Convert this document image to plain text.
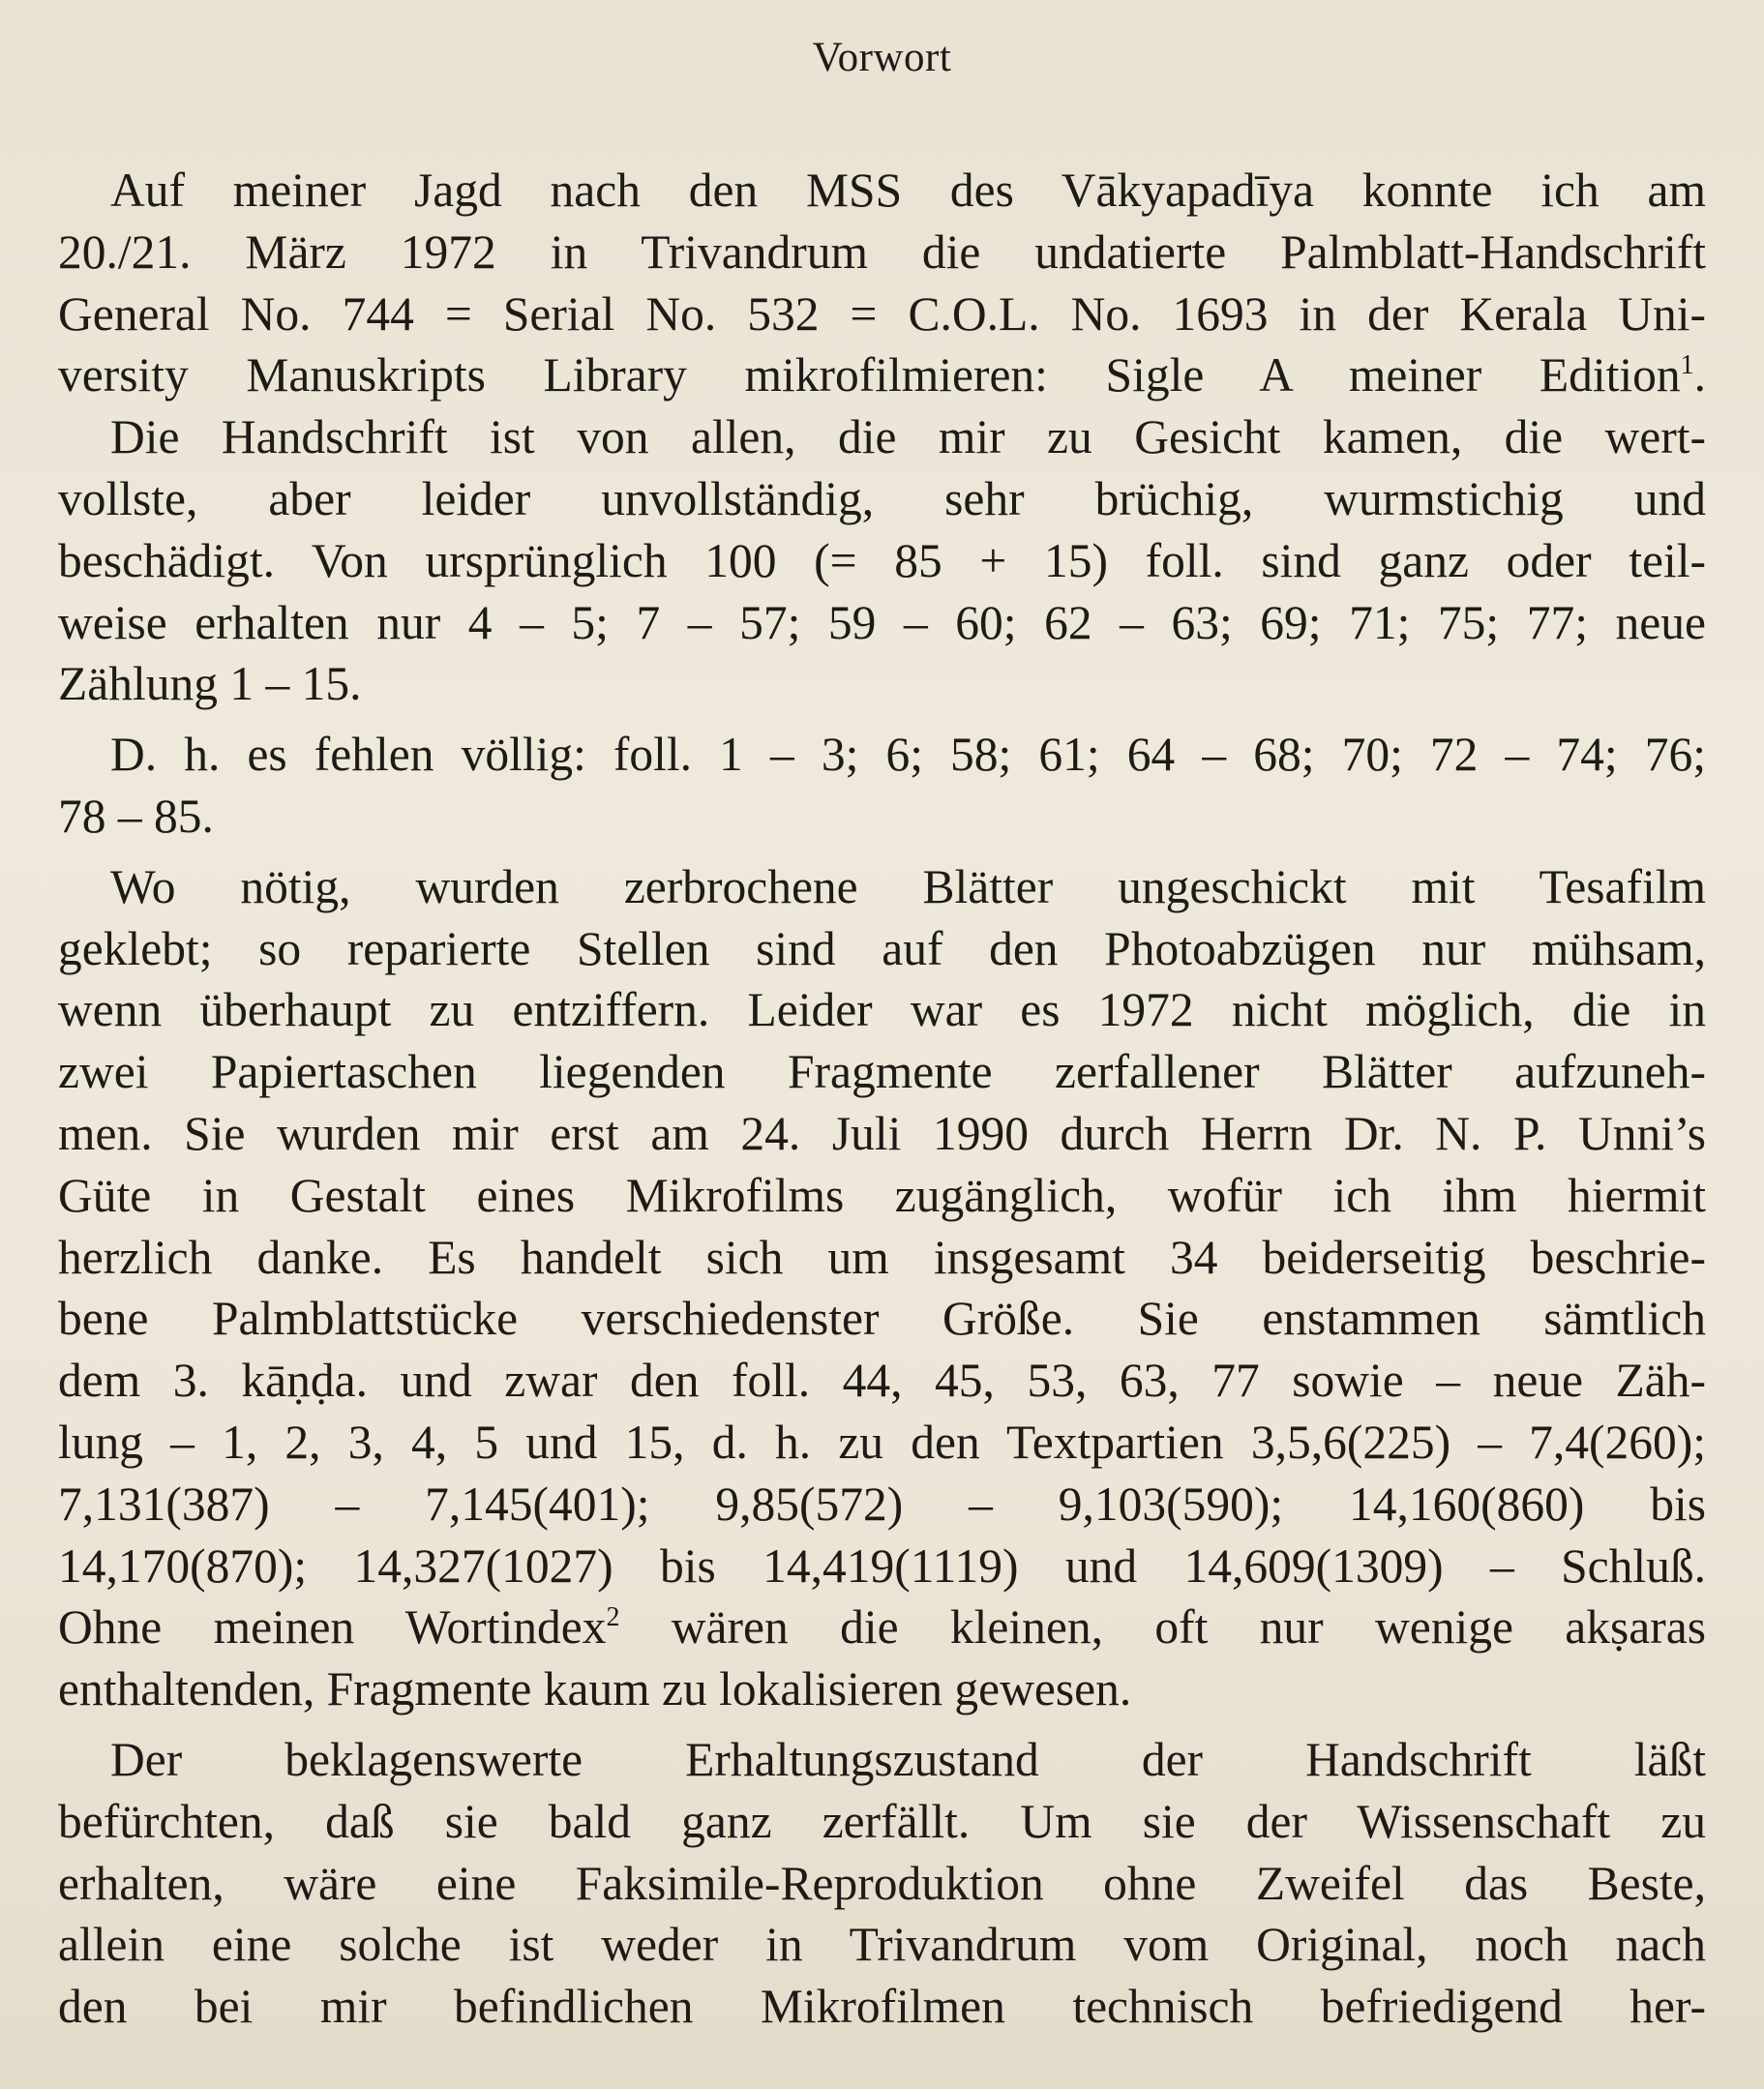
Vorwort

Auf meiner Jagd nach den MSS des Vākyapadīya konnte ich am
20./21. März 1972 in Trivandrum die undatierte Palmblatt-Handschrift
General No. 744 = Serial No. 532 = C.O.L. No. 1693 in der Kerala Uni-
versity Manuskripts Library mikrofilmieren: Sigle A meiner Edition$^1$.

Die Handschrift ist von allen, die mir zu Gesicht kamen, die wert-
vollste, aber leider unvollständig, sehr brüchig, wurmstichig und
beschädigt. Von ursprünglich 100 (= 85 + 15) foll. sind ganz oder teil-
weise erhalten nur 4 – 5; 7 – 57; 59 – 60; 62 – 63; 69; 71; 75; 77; neue
Zählung 1 – 15.

D. h. es fehlen völlig: foll. 1 – 3; 6; 58; 61; 64 – 68; 70; 72 – 74; 76;
78 – 85.

Wo nötig, wurden zerbrochene Blätter ungeschickt mit Tesafilm
geklebt; so reparierte Stellen sind auf den Photoabzügen nur mühsam,
wenn überhaupt zu entziffern. Leider war es 1972 nicht möglich, die in
zwei Papiertaschen liegenden Fragmente zerfallener Blätter aufzuneh-
men. Sie wurden mir erst am 24. Juli 1990 durch Herrn Dr. N. P. Unni’s
Güte in Gestalt eines Mikrofilms zugänglich, wofür ich ihm hiermit
herzlich danke. Es handelt sich um insgesamt 34 beiderseitig beschrie-
bene Palmblattstücke verschiedenster Größe. Sie enstammen sämtlich
dem 3. kāṇḍa. und zwar den foll. 44, 45, 53, 63, 77 sowie – neue Zäh-
lung – 1, 2, 3, 4, 5 und 15, d. h. zu den Textpartien 3,5,6(225) – 7,4(260);
7,131(387) – 7,145(401); 9,85(572) – 9,103(590); 14,160(860) bis
14,170(870); 14,327(1027) bis 14,419(1119) und 14,609(1309) – Schluß.
Ohne meinen Wortindex$^2$ wären die kleinen, oft nur wenige akṣaras
enthaltenden, Fragmente kaum zu lokalisieren gewesen.

Der beklagenswerte Erhaltungszustand der Handschrift läßt
befürchten, daß sie bald ganz zerfällt. Um sie der Wissenschaft zu
erhalten, wäre eine Faksimile-Reproduktion ohne Zweifel das Beste,
allein eine solche ist weder in Trivandrum vom Original, noch nach
den bei mir befindlichen Mikrofilmen technisch befriedigend her-
